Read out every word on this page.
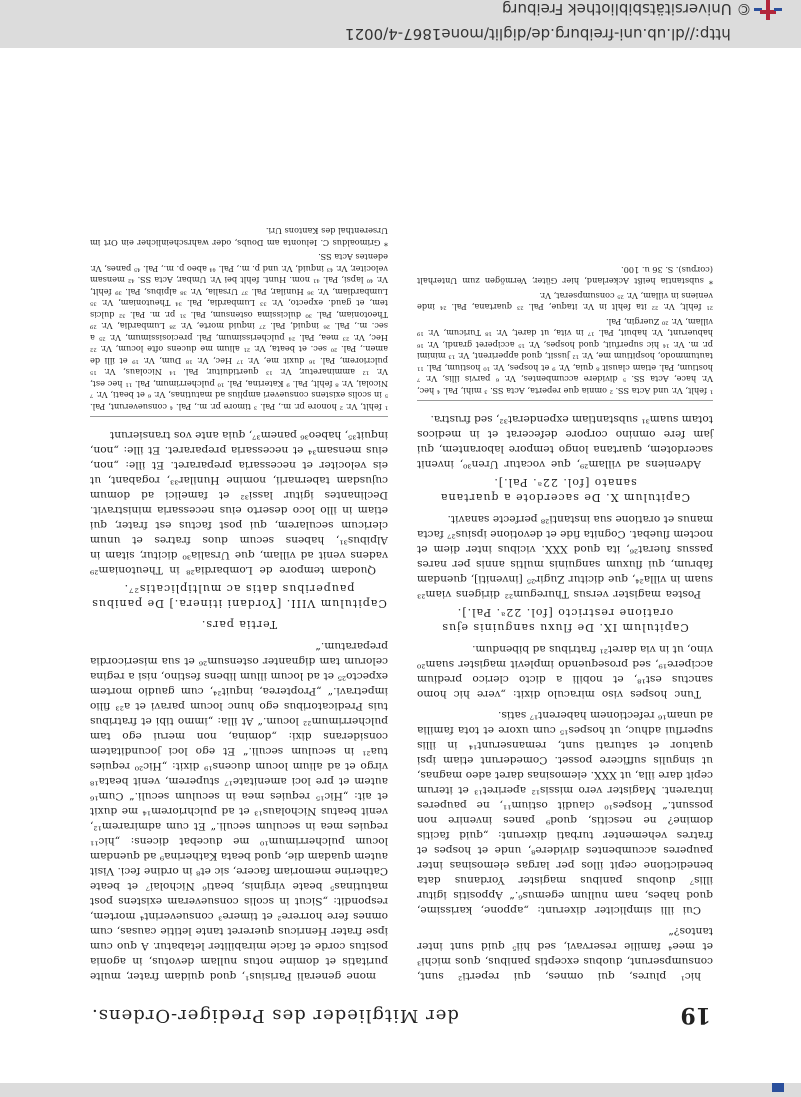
© Universitätsbibliothek Freiburg
http://dl.ub.uni-freiburg.de/diglit/mone1867-4/0021
19
der Mitglieder des Prediger-Ordens.

hic¹ plures, qui omnes, qui reperti² sunt, consumpserunt, duobus exceptis panibus, quos michi³ et mee⁴ familie reservavi, sed hii⁵ quid sunt inter tantos?“

Cui illi simpliciter dixerunt: „appone, karissime, quod habes, nam nullum egemus⁶.“ Appositis igitur illis⁷ duobus panibus magister Yordanus data benedictione cepit illos per largas elemosinas inter pauperes accumbentes dividere⁸, unde et hospes et fratres vehementer turbati dixerunt: „quid facitis domine? ne nescitis, quod⁹ panes invenire non possunt.“ Hospes¹⁰ claudit ostium¹¹, ne pauperes intrarent. Magister vero missis¹² aperiret¹³ et iterum cepit dare illa, ut XXX. elemosinas daret adeo magnas, ut singulis sufficere posset. Comederunt etiam ipsi quatuor et saturati sunt, remanserunt¹⁴ in illis superflui adhuc, ut hospes¹⁵ cum uxore et tota familia ad unam¹⁶ refectionem haberent¹⁷ satis.

Tunc hospes viso miraculo dixit: „vere hic homo sanctus est¹⁸, et nobili a dicto clerico predium accipere¹⁹, sed prosequendo implevit magister suam²⁰ vino, ut in via daret²¹ fratribus ad bibendum.

Capitulum IX. De fluxu sanguinis ejus oratione restricto [fol. 22ᵃ. Pal.].

Postea magister versus Thuregum²² dirigens viam²³ suam in villa²⁴, que dicitur Zugir²⁵ [inveniti], quendam fabrum, qui fluxum sanguinis multis annis per nares passus fuerat²⁶, ita quod XXX. vicibus inter diem et noctem fluebat. Cognita fide et devotione ipsius²⁷ facta manus et oratione sua instanti²⁸ perfecte sanavit.

Capitulum X. De sacerdote a quartana sanato [fol. 22ᵃ. Pal.].

Adveniens ad villam²⁹, que vocatur Uren³⁰, invenit sacerdotem, quartana longo tempore laborantem, qui jam fere omnino corpore defecerat et in medicos totam suam³¹ substantiam expenderat³², sed frustra.

¹ fehlt, Vr. und Acta SS. ² omnia que reperta, Acta SS. ³ mihi, Pal. ⁴ hec, Vr. hace, Acta SS. ⁵ dividere accumbentes, Vr. ⁶ parvis illis, Vr. ⁷ hostium, Pal. etiam clausit ⁸ quia, Vr. ⁹ et hospes, Vr. ¹⁰ hostium, Pal. ¹¹ tautummodo, hospitium me, Vr. ¹² jussit, quod apperirent, Vr. ¹³ minimi pr. m. Vr. ¹⁴ hic superfuit, quod hospes, Vr. ¹⁵ acciperet grandi, Vr. ¹⁶ habuerunt, Vr. habuit, Pal. ¹⁷ in vita, ut daret, Vr. ¹⁸ Turicum, Vr. ¹⁹ villam, Vr. ²⁰ Zuergin, Pal.

²¹ fehlt, Vr. ²² ita fehlt in Vr. itaque, Pal. ²³ quartana, Pal. ²⁴ inde veniens in villam, Vr. ²⁵ consumpserat, Vr.

* substantia heißt Ackerland, hier Güter, Vermögen zum Unterhalt (corpus). S. 36 u. 100.

mone generali Parisius¹, quod quidam frater, multe puritatis et domine notus nullam devotus, in agonia positus corde et facie mirabiliter letabatur. A quo cum ipse frater Henricus quereret tante letitie causas, cum omnes fere horrere² et timere³ consueverint⁴ mortem, respondit: „Sicut in scolis consueveram existens post matutinas⁵ beate virginis, beati⁶ Nicholai⁷ et beate Catherine memoriam facere, sic et⁸ in ordine feci. Visit autem quadam die, quod beata Katherina⁹ ad quendam locum pulcherrimum¹⁰ me ducebat dicens: „hic¹¹ requies mea in seculum seculi.“ Et cum admirarem¹², venit beatus Nicholaus¹³ et ad pulchriorem¹⁴ me duxit et ait: „Hic¹⁵ requies mea in seculum seculi.“ Cum¹⁶ autem et pre loci amenitate¹⁷ stuperem, venit beata¹⁸ virgo et ad alium locum ducens¹⁹ dixit: „Hic²⁰ requies tua²¹ in seculum seculi.“ Et ego loci jocunditatem considerans dixi: „domina, non merui ego tam pulcherrimum²² locum.“ At illa: „immo tibi et fratribus tuis Predicatoribus ego hunc locum paravi et a²³ filio impetravi.“ „Propterea, inquit²⁴, cum gaudio mortem expecto²⁵ et ad locum illum libens festino, nisi a regina celorum tam dignanter ostensum²⁶ et sua misericordia preparatum.“

Tertia pars.
Capitulum VIII. [Yordani itinera.] De panibus pauperibus datis ac multiplicatis²⁷.

Quodam tempore de Lombardia²⁸ in Theutoniam²⁹ vadens venit ad villam, que Ursalia³⁰ dicitur, sitam in Alpibus³¹, habens secum duos fratres et unum clericum secularem, qui post factus est frater, qui etiam in illo loco deserto eius necessaria ministravit. Declinantes igitur lassi³² et famelici ad domum cujusdam tabernarii, nomine Hunilar³³, rogabant, ut eis velociter et necessaria prepararet. Et ille: „non, eius mensam³⁴ et necessaria prepararet. Et ille: „non, inquit³⁵, habeo³⁶ panem³⁷, quia ante vos transierunt

¹ fehlt, Vr. ² honore pr. m., Pal. ³ timore pr. m., Pal. ⁴ consueverunt, Pal. ⁵ in scolis existens consueveri amplius ad matutinas, Vr. ⁶ et beati, Vr. ⁷ Nicolai, Vr. ⁸ fehlt, Pal. ⁹ Katerina, Pal. ¹⁰ pulcherrimum, Pal. ¹¹ hec est, Vr. ¹² amminaretur, Vr. ¹³ quertiduitur, Pal. ¹⁴ Nicolaus, Vr. ¹⁵ pulcriorem, Pal. ¹⁶ duxit me, Vr. ¹⁷ Hec, Vr. ¹⁸ Dum, Vr. ¹⁹ et illi de amen., Pal. ²⁰ sec. et beata, Vr. ²¹ alium me ducens ofte locum, Vr. ²² Hec, Vr. ²³ mea, Pal. ²⁴ pulcherissimum, Pal. preciosissimum, Vr. ²⁵ a sec. m., Pal. ²⁶ inquid, Pal. ²⁷ inquid morte, Vr. ²⁸ Lumbardia, Vr. ²⁹ Theotoniam, Pal. ³⁰ dulcissima ostensum, Pal. ³¹ pr. m. Pal. ³² dulcis tem, et gaud. expecto, Vr. ³³ Lumbardia, Pal. ³⁴ Theutoniam, Vr. ³⁵ Lumbardiam, Vr. ³⁶ Hunilar, Pal. ³⁷ Ursalia, Vr. ³⁸ alpibus, Pal. ³⁹ fehlt, Vr. ⁴⁰ lapsi, Pal. ⁴¹ nom. Hunt. fehlt bei Vr. Umbar, Acta SS. ⁴² mensam velociter, Vr. ⁴³ inquid, Vr. und p. m., Pal. ⁴⁴ abeo p. m., Pal. ⁴⁵ panes, Vr. edentes Acta SS.

* Grimoaldus C. Ieluonta am Doubs, oder wahrscheinlicher ein Ort im Urserenthal des Kantons Uri.
